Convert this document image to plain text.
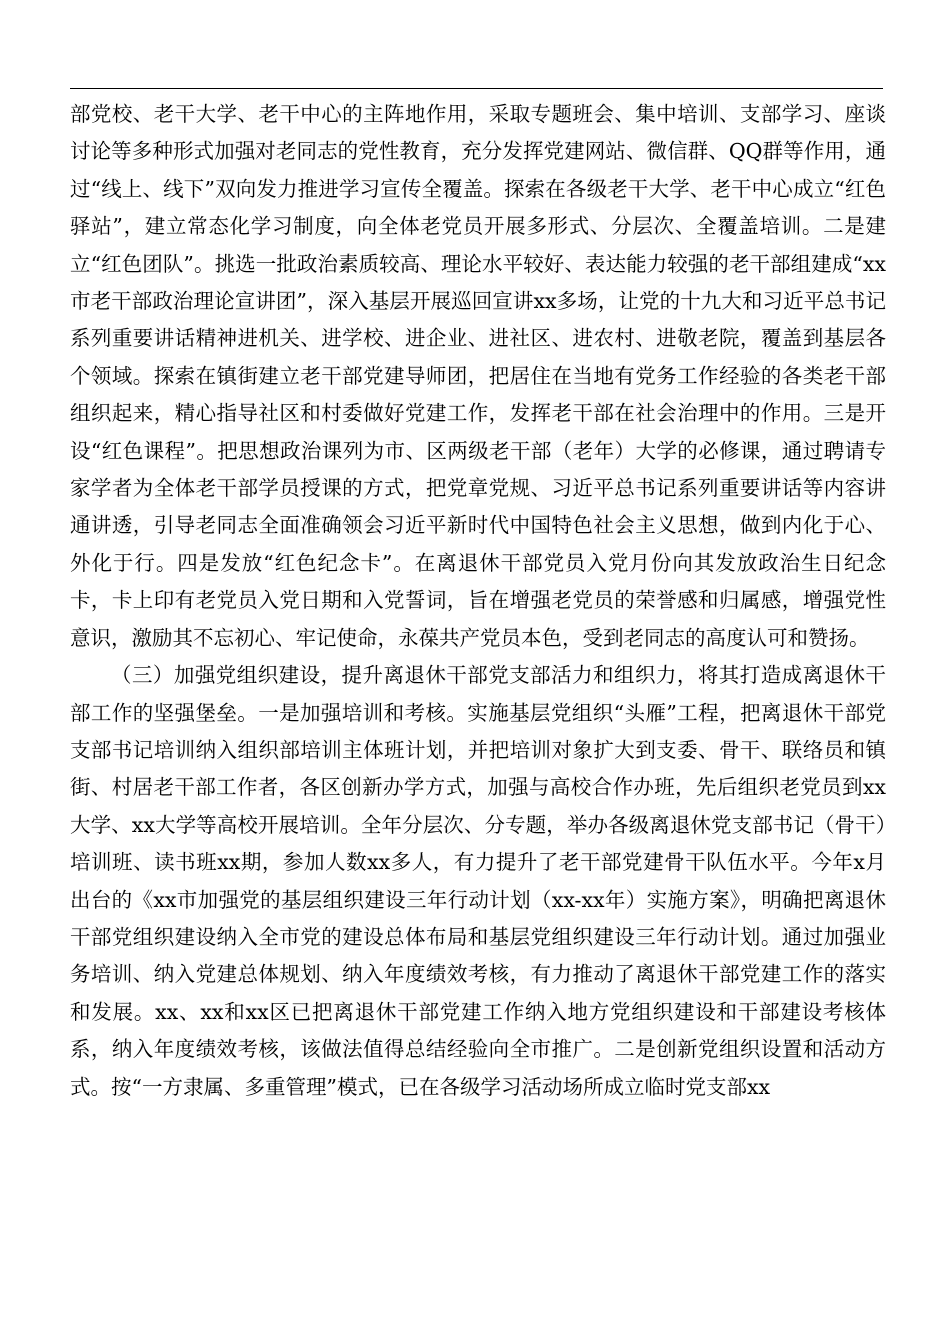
部党校、老干大学、老干中心的主阵地作用，采取专题班会、集中培训、支部学习、座谈讨论等多种形式加强对老同志的党性教育，充分发挥党建网站、微信群、QQ群等作用，通过“线上、线下”双向发力推进学习宣传全覆盖。探索在各级老干大学、老干中心成立“红色驿站”，建立常态化学习制度，向全体老党员开展多形式、分层次、全覆盖培训。二是建立“红色团队”。挑选一批政治素质较高、理论水平较好、表达能力较强的老干部组建成“xx市老干部政治理论宣讲团”，深入基层开展巡回宣讲xx多场，让党的十九大和习近平总书记系列重要讲话精神进机关、进学校、进企业、进社区、进农村、进敬老院，覆盖到基层各个领域。探索在镇街建立老干部党建导师团，把居住在当地有党务工作经验的各类老干部组织起来，精心指导社区和村委做好党建工作，发挥老干部在社会治理中的作用。三是开设“红色课程”。把思想政治课列为市、区两级老干部（老年）大学的必修课，通过聘请专家学者为全体老干部学员授课的方式，把党章党规、习近平总书记系列重要讲话等内容讲通讲透，引导老同志全面准确领会习近平新时代中国特色社会主义思想，做到内化于心、外化于行。四是发放“红色纪念卡”。在离退休干部党员入党月份向其发放政治生日纪念卡，卡上印有老党员入党日期和入党誓词，旨在增强老党员的荣誉感和归属感，增强党性意识，激励其不忘初心、牢记使命，永葆共产党员本色，受到老同志的高度认可和赞扬。

（三）加强党组织建设，提升离退休干部党支部活力和组织力，将其打造成离退休干部工作的坚强堡垒。一是加强培训和考核。实施基层党组织“头雁”工程，把离退休干部党支部书记培训纳入组织部培训主体班计划，并把培训对象扩大到支委、骨干、联络员和镇街、村居老干部工作者，各区创新办学方式，加强与高校合作办班，先后组织老党员到xx大学、xx大学等高校开展培训。全年分层次、分专题，举办各级离退休党支部书记（骨干）培训班、读书班xx期，参加人数xx多人，有力提升了老干部党建骨干队伍水平。今年x月出台的《xx市加强党的基层组织建设三年行动计划（xx-xx年）实施方案》，明确把离退休干部党组织建设纳入全市党的建设总体布局和基层党组织建设三年行动计划。通过加强业务培训、纳入党建总体规划、纳入年度绩效考核，有力推动了离退休干部党建工作的落实和发展。xx、xx和xx区已把离退休干部党建工作纳入地方党组织建设和干部建设考核体系，纳入年度绩效考核，该做法值得总结经验向全市推广。二是创新党组织设置和活动方式。按“一方隶属、多重管理”模式，已在各级学习活动场所成立临时党支部xx
